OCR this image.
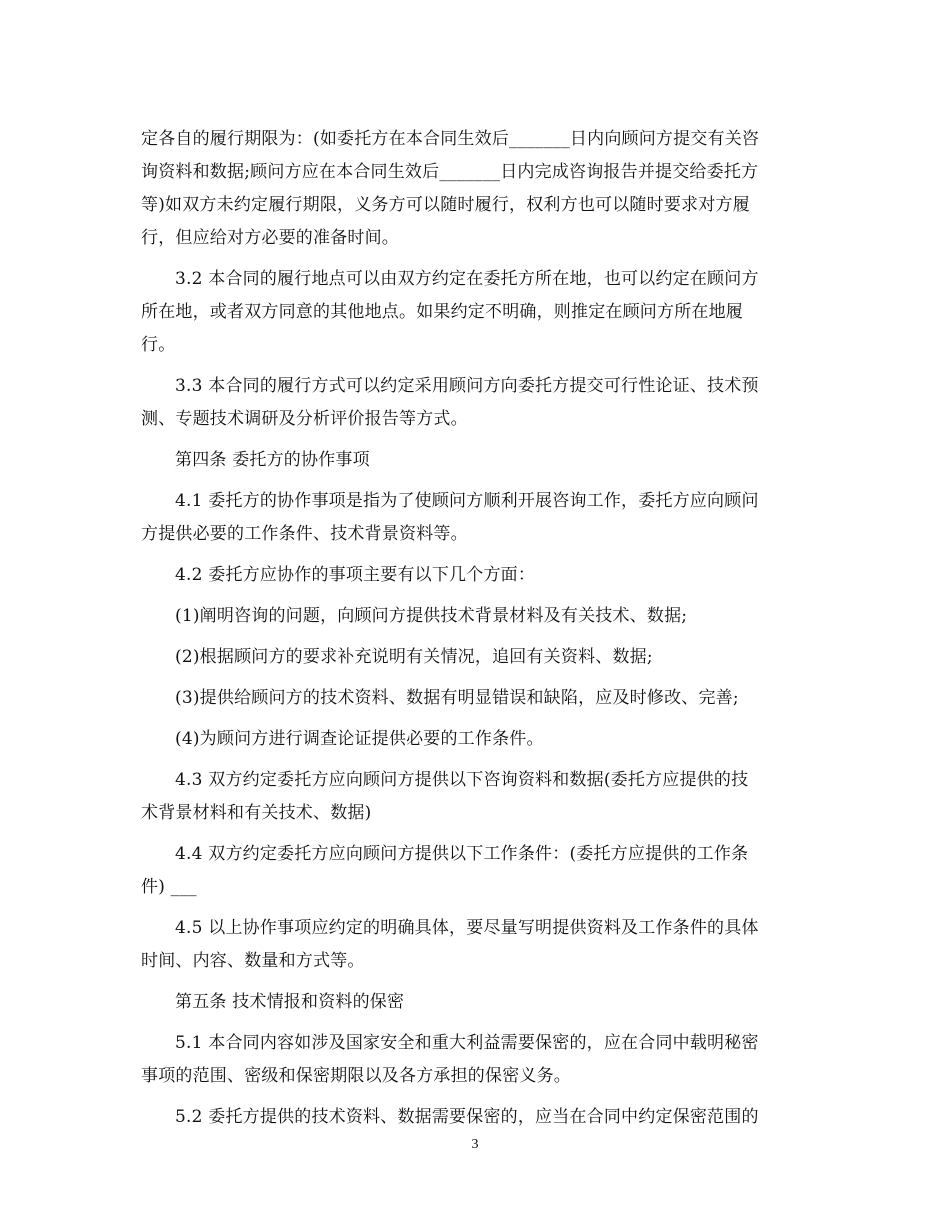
定各自的履行期限为：(如委托方在本合同生效后_______日内向顾问方提交有关咨
询资料和数据;顾问方应在本合同生效后_______日内完成咨询报告并提交给委托方
等)如双方未约定履行期限，义务方可以随时履行，权利方也可以随时要求对方履
行，但应给对方必要的准备时间。
3.2 本合同的履行地点可以由双方约定在委托方所在地，也可以约定在顾问方
所在地，或者双方同意的其他地点。如果约定不明确，则推定在顾问方所在地履
行。
3.3 本合同的履行方式可以约定采用顾问方向委托方提交可行性论证、技术预
测、专题技术调研及分析评价报告等方式。
第四条 委托方的协作事项
4.1 委托方的协作事项是指为了使顾问方顺利开展咨询工作，委托方应向顾问
方提供必要的工作条件、技术背景资料等。
4.2 委托方应协作的事项主要有以下几个方面：
(1)阐明咨询的问题，向顾问方提供技术背景材料及有关技术、数据;
(2)根据顾问方的要求补充说明有关情况，追回有关资料、数据;
(3)提供给顾问方的技术资料、数据有明显错误和缺陷，应及时修改、完善;
(4)为顾问方进行调查论证提供必要的工作条件。
4.3 双方约定委托方应向顾问方提供以下咨询资料和数据(委托方应提供的技
术背景材料和有关技术、数据)
4.4 双方约定委托方应向顾问方提供以下工作条件：(委托方应提供的工作条
件) ___
4.5 以上协作事项应约定的明确具体，要尽量写明提供资料及工作条件的具体
时间、内容、数量和方式等。
第五条 技术情报和资料的保密
5.1 本合同内容如涉及国家安全和重大利益需要保密的，应在合同中载明秘密
事项的范围、密级和保密期限以及各方承担的保密义务。
5.2 委托方提供的技术资料、数据需要保密的，应当在合同中约定保密范围的
3
